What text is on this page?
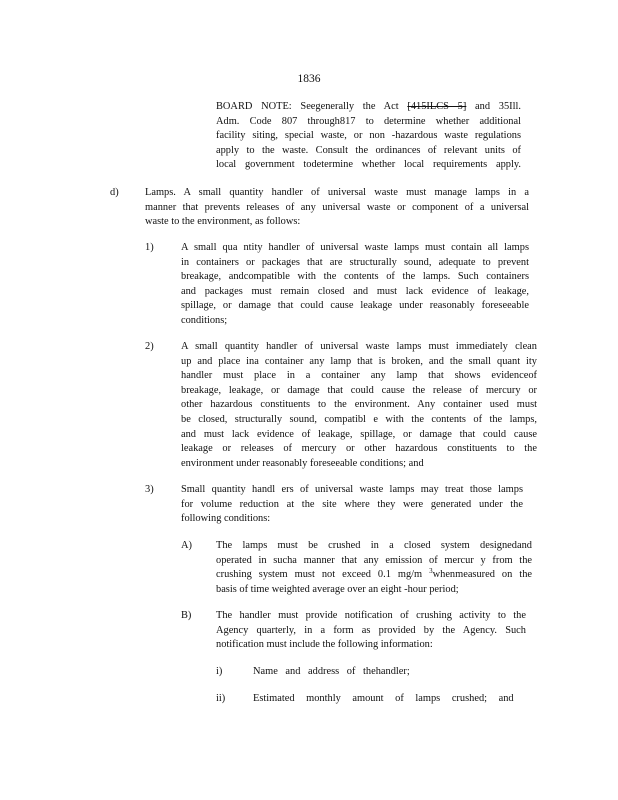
1836
BOARD NOTE: Seegenerally the Act [415ILCS 5] and 35Ill.
Adm. Code 807 through817 to determine whether additional
facility siting, special waste, or non -hazardous waste regulations
apply to the waste. Consult the ordinances of relevant units of
local government todetermine whether local requirements apply.
d)	Lamps. A small quantity handler of universal waste must manage lamps in a
manner that prevents releases of any universal waste or component of a universal
waste to the environment, as follows:
1)	A small qua ntity handler of universal waste lamps must contain all lamps
in containers or packages that are structurally sound, adequate to prevent
breakage, andcompatible with the contents of the lamps. Such containers
and packages must remain closed and must lack evidence of leakage,
spillage, or damage that could cause leakage under reasonably foreseeable
conditions;
2)	A small quantity handler of universal waste lamps must immediately clean
up and place ina container any lamp that is broken, and the small quant ity
handler must place in a container any lamp that shows evidenceof
breakage, leakage, or damage that could cause the release of mercury or
other hazardous constituents to the environment. Any container used must
be closed, structurally sound, compatibl e with the contents of the lamps,
and must lack evidence of leakage, spillage, or damage that could cause
leakage or releases of mercury or other hazardous constituents to the
environment under reasonably foreseeable conditions; and
3)	Small quantity handl ers of universal waste lamps may treat those lamps
for volume reduction at the site where they were generated under the
following conditions:
A) The lamps must be crushed in a closed system designedand
operated in sucha manner that any emission of mercur y from the
crushing system must not exceed 0.1 mg/m $^3$whenmeasured on the
basis of time weighted average over an eight -hour period;
B) The handler must provide notification of crushing activity to the
Agency quarterly, in a form as provided by the Agency. Such
notification must include the following information:
i)	Name and address of thehandler;
ii)	Estimated monthly amount of lamps crushed; and
